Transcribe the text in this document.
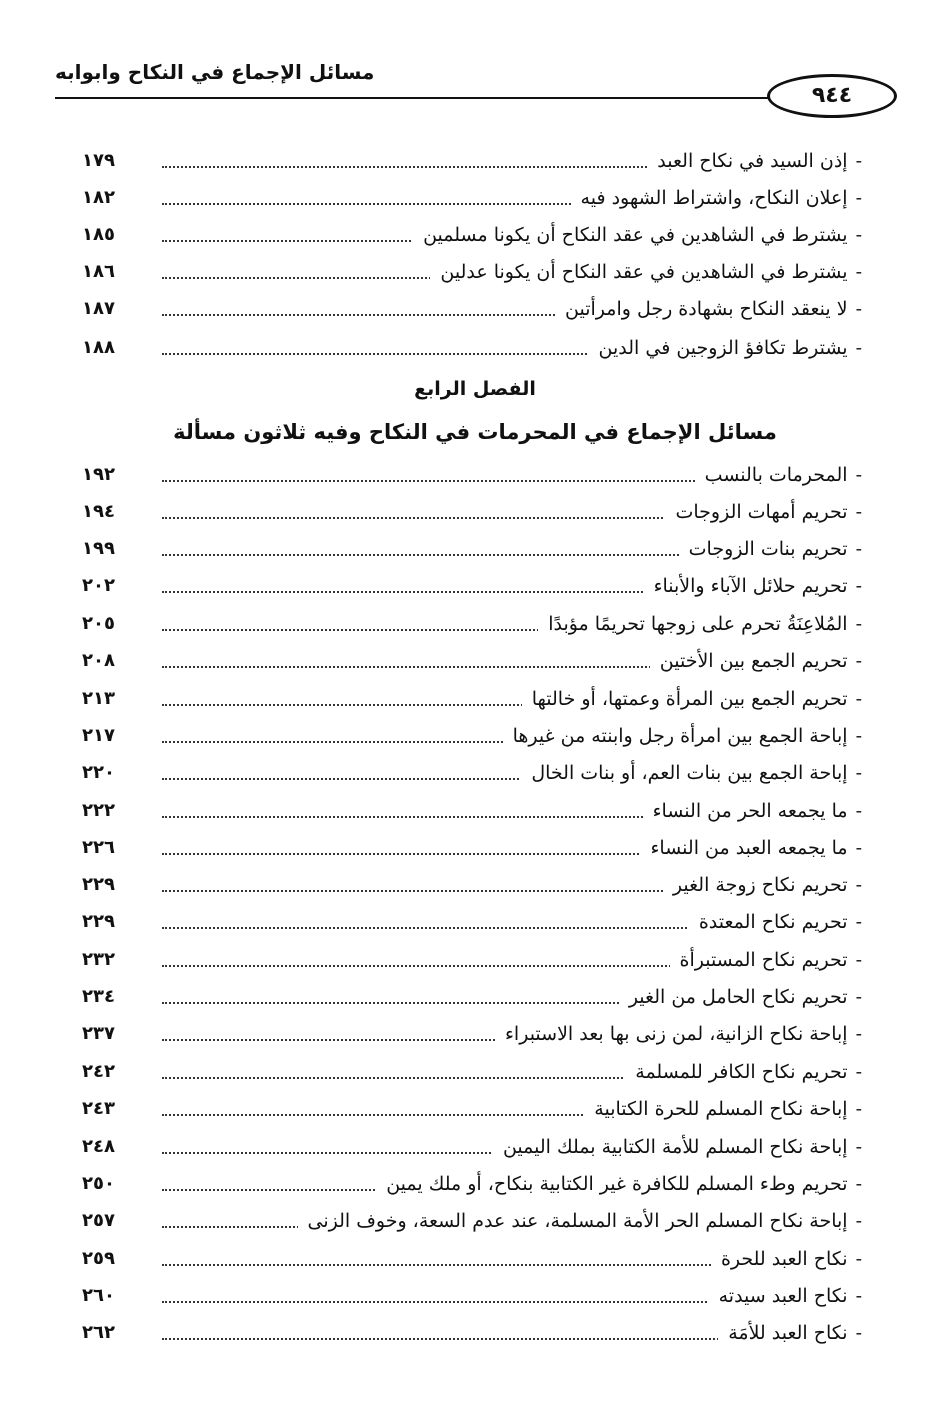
مسائل الإجماع في النكاح وابوابه
٩٤٤
١٧٩	-إذن السيد في نكاح العبد
١٨٢	-إعلان النكاح، واشتراط الشهود فيه
١٨٥	-يشترط في الشاهدين في عقد النكاح أن يكونا مسلمين
١٨٦	-يشترط في الشاهدين في عقد النكاح أن يكونا عدلين
١٨٧	-لا ينعقد النكاح بشهادة رجل وامرأتين
١٨٨	-يشترط تكافؤ الزوجين في الدين
الفصل الرابع
مسائل الإجماع في المحرمات في النكاح وفيه ثلاثون مسألة
١٩٢	-المحرمات بالنسب
١٩٤	-تحريم أمهات الزوجات
١٩٩	-تحريم بنات الزوجات
٢٠٢	-تحريم حلائل الآباء والأبناء
٢٠٥	-المُلاعِنَةُ تحرم على زوجها تحريمًا مؤبدًا
٢٠٨	-تحريم الجمع بين الأختين
٢١٣	-تحريم الجمع بين المرأة وعمتها، أو خالتها
٢١٧	-إباحة الجمع بين امرأة رجل وابنته من غيرها
٢٢٠	-إباحة الجمع بين بنات العم، أو بنات الخال
٢٢٢	-ما يجمعه الحر من النساء
٢٢٦	-ما يجمعه العبد من النساء
٢٢٩	-تحريم نكاح زوجة الغير
٢٢٩	-تحريم نكاح المعتدة
٢٣٢	-تحريم نكاح المستبرأة
٢٣٤	-تحريم نكاح الحامل من الغير
٢٣٧	-إباحة نكاح الزانية، لمن زنى بها بعد الاستبراء
٢٤٢	-تحريم نكاح الكافر للمسلمة
٢٤٣	-إباحة نكاح المسلم للحرة الكتابية
٢٤٨	-إباحة نكاح المسلم للأمة الكتابية بملك اليمين
٢٥٠	-تحريم وطء المسلم للكافرة غير الكتابية بنكاح، أو ملك يمين
٢٥٧	-إباحة نكاح المسلم الحر الأمة المسلمة، عند عدم السعة، وخوف الزنى
٢٥٩	-نكاح العبد للحرة
٢٦٠	-نكاح العبد سيدته
٢٦٢	-نكاح العبد للأمَة
